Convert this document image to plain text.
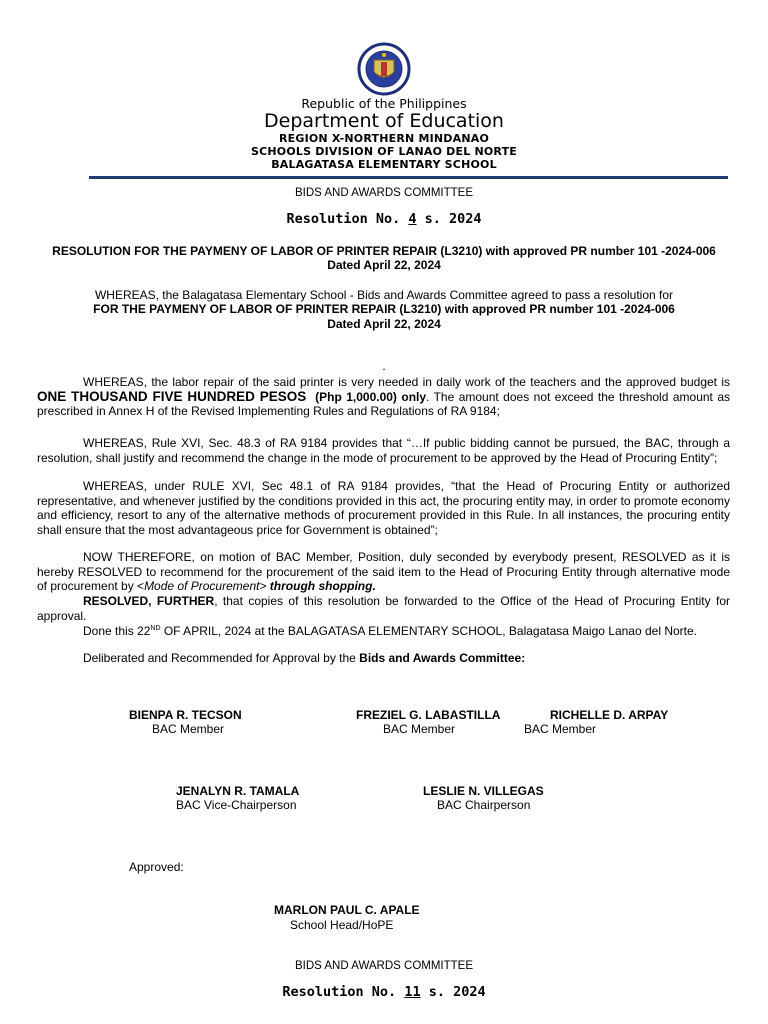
Republic of the Philippines
Department of Education
REGION X-NORTHERN MINDANAO
SCHOOLS DIVISION OF LANAO DEL NORTE
BALAGATASA ELEMENTARY SCHOOL
BIDS AND AWARDS COMMITTEE
Resolution No. 4 s. 2024
RESOLUTION FOR THE PAYMENY OF LABOR OF PRINTER REPAIR (L3210) with approved PR number 101 -2024-006
Dated April 22, 2024
WHEREAS, the Balagatasa Elementary School - Bids and Awards Committee agreed to pass a resolution for
FOR THE PAYMENY OF LABOR OF PRINTER REPAIR (L3210) with approved PR number 101 -2024-006
Dated April 22, 2024
.
WHEREAS, the labor repair of the said printer is very needed in daily work of the teachers and the approved budget is ONE THOUSAND FIVE HUNDRED PESOS (Php 1,000.00) only. The amount does not exceed the threshold amount as prescribed in Annex H of the Revised Implementing Rules and Regulations of RA 9184;
WHEREAS, Rule XVI, Sec. 48.3 of RA 9184 provides that “…If public bidding cannot be pursued, the BAC, through a resolution, shall justify and recommend the change in the mode of procurement to be approved by the Head of Procuring Entity”;
WHEREAS, under RULE XVI, Sec 48.1 of RA 9184 provides, “that the Head of Procuring Entity or authorized representative, and whenever justified by the conditions provided in this act, the procuring entity may, in order to promote economy and efficiency, resort to any of the alternative methods of procurement provided in this Rule. In all instances, the procuring entity shall ensure that the most advantageous price for Government is obtained”;
NOW THEREFORE, on motion of BAC Member, Position, duly seconded by everybody present, RESOLVED as it is hereby RESOLVED to recommend for the procurement of the said item to the Head of Procuring Entity through alternative mode of procurement by <Mode of Procurement> through shopping.
RESOLVED, FURTHER, that copies of this resolution be forwarded to the Office of the Head of Procuring Entity for approval.
Done this 22ND OF APRIL, 2024 at the BALAGATASA ELEMENTARY SCHOOL, Balagatasa Maigo Lanao del Norte.
Deliberated and Recommended for Approval by the Bids and Awards Committee:
BIENPA R. TECSON
BAC Member
FREZIEL G. LABASTILLA
BAC Member
RICHELLE D. ARPAY
BAC Member
JENALYN R. TAMALA
BAC Vice-Chairperson
LESLIE N. VILLEGAS
BAC Chairperson
Approved:
MARLON PAUL C. APALE
School Head/HoPE
BIDS AND AWARDS COMMITTEE
Resolution No. 11 s. 2024
